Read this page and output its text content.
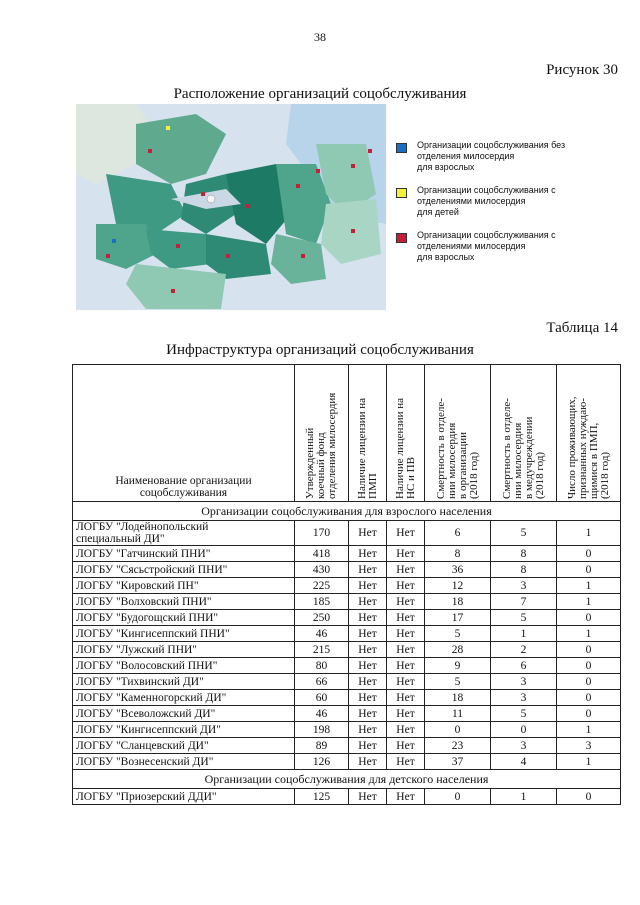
38
Рисунок 30
Расположение организаций соцобслуживания
Организации соцобслуживания без
отделения милосердия
для взрослых
Организации соцобслуживания с
отделениями милосердия
для детей
Организации соцобслуживания с
отделениями милосердия
для взрослых
Таблица 14
Инфраструктура организаций соцобслуживания
Наименование организации
соцобслуживания	Утвержденный
коечный фонд
отделения милосердия	Наличие лицензии на
ПМП	Наличие лицензии на
НС и ПВ	Смертность в отделе-
нии милосердия
в организации
(2018 год)	Смертность в отделе-
нии милосердия
в медучреждении
(2018 год)	Число проживающих,
признанных нуждаю-
щимися в ПМП,
(2018 год)

Организации соцобслуживания для взрослого населения						
ЛОГБУ "Лодейнопольский
специальный ДИ"	170	Нет	Нет	6	5	1
ЛОГБУ "Гатчинский ПНИ"	418	Нет	Нет	8	8	0
ЛОГБУ "Сясьстройский ПНИ"	430	Нет	Нет	36	8	0
ЛОГБУ "Кировский ПН"	225	Нет	Нет	12	3	1
ЛОГБУ "Волховский ПНИ"	185	Нет	Нет	18	7	1
ЛОГБУ "Будогощский ПНИ"	250	Нет	Нет	17	5	0
ЛОГБУ "Кингисеппский ПНИ"	46	Нет	Нет	5	1	1
ЛОГБУ "Лужский ПНИ"	215	Нет	Нет	28	2	0
ЛОГБУ "Волосовский ПНИ"	80	Нет	Нет	9	6	0
ЛОГБУ "Тихвинский ДИ"	66	Нет	Нет	5	3	0
ЛОГБУ "Каменногорский ДИ"	60	Нет	Нет	18	3	0
ЛОГБУ "Всеволожский ДИ"	46	Нет	Нет	11	5	0
ЛОГБУ "Кингисеппский ДИ"	198	Нет	Нет	0	0	1
ЛОГБУ "Сланцевский ДИ"	89	Нет	Нет	23	3	3
ЛОГБУ "Вознесенский ДИ"	126	Нет	Нет	37	4	1
Организации соцобслуживания для детского населения						
ЛОГБУ "Приозерский ДДИ"	125	Нет	Нет	0	1	0
